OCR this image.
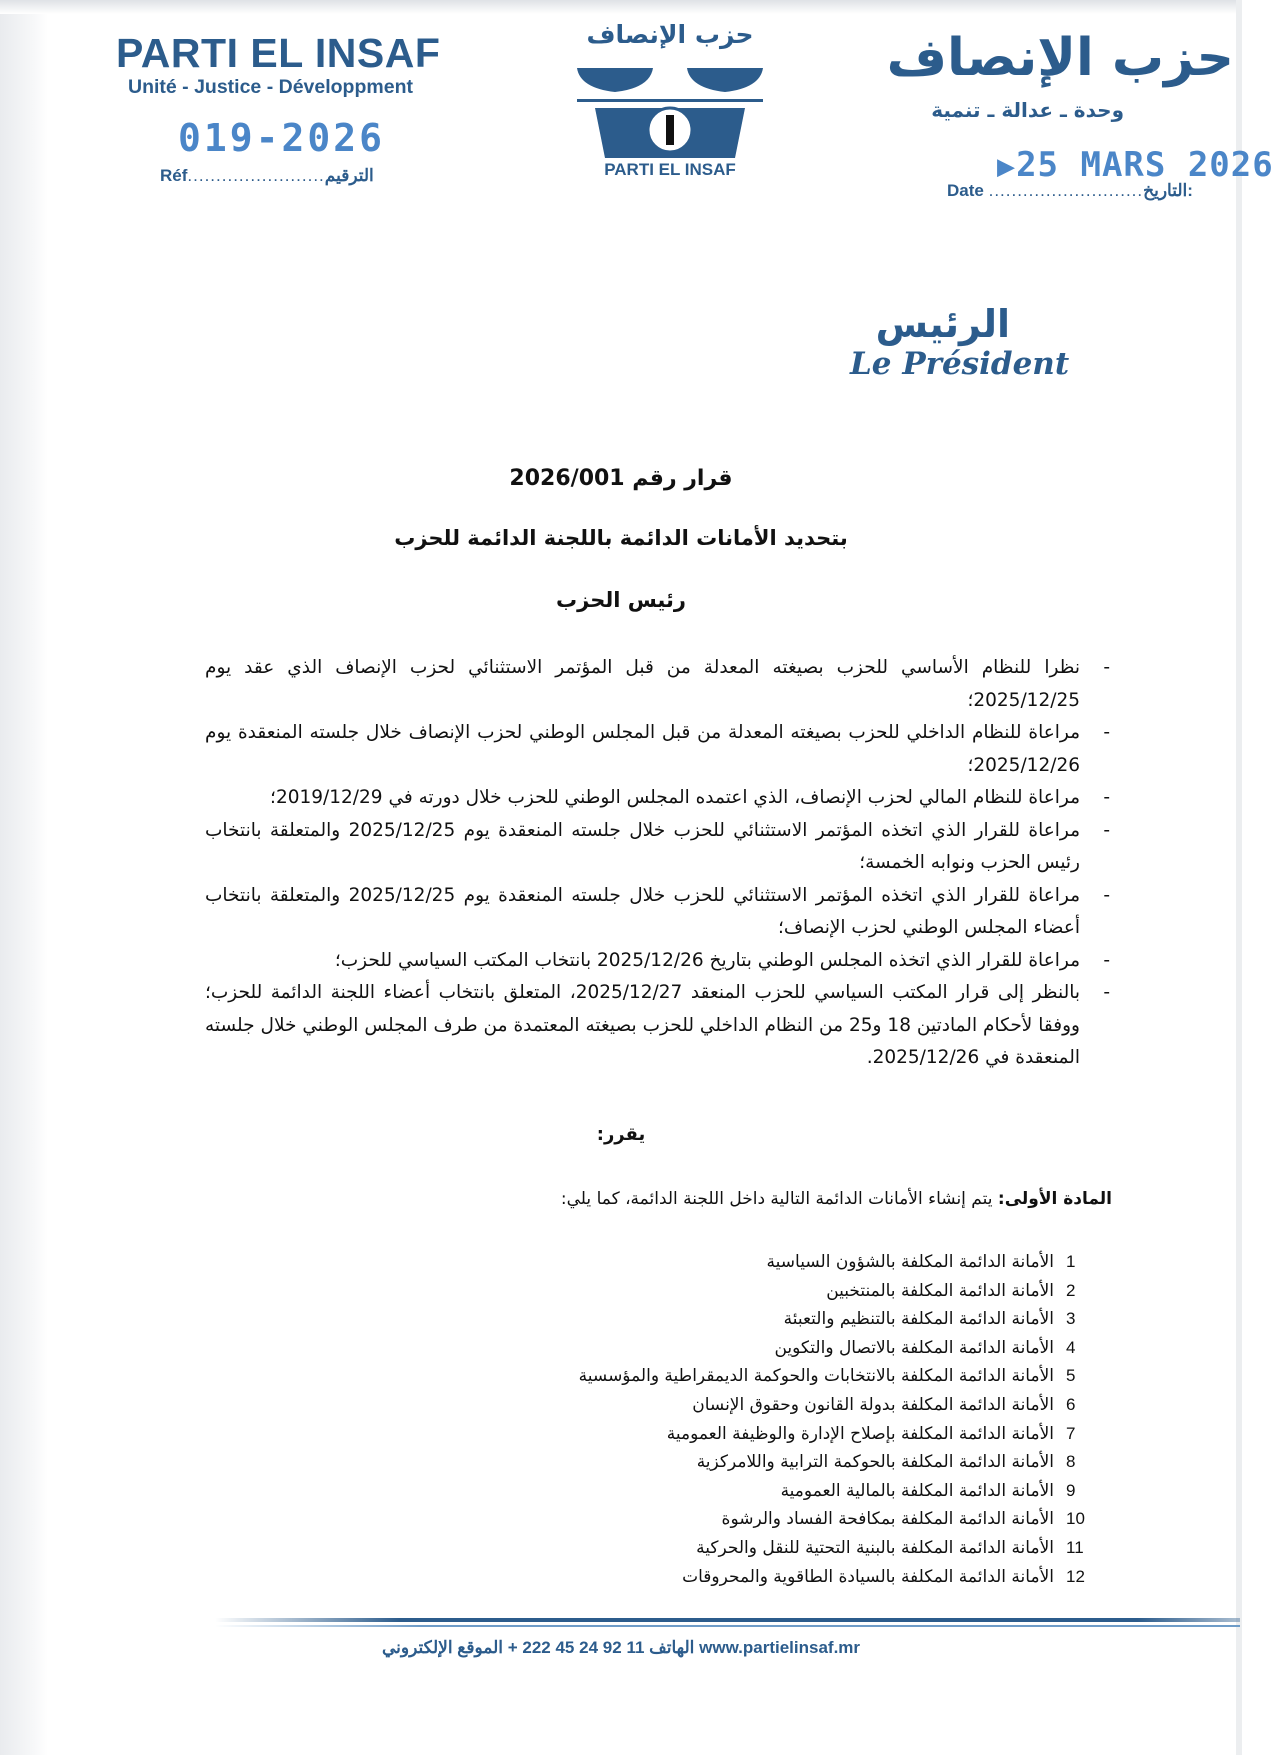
PARTI EL INSAF
Unité - Justice - Développment
019-2026
Réf........................الترقيم
حزب الإنصاف
PARTI EL INSAF
حزب الإنصاف
وحدة ـ عدالة ـ تنمية
▶25 MARS 2026
Date ...........................التاريخ:
الرئيس
Le Président
قرار رقم 2026/001
بتحديد الأمانات الدائمة باللجنة الدائمة للحزب
رئيس الحزب
- نظرا للنظام الأساسي للحزب بصيغته المعدلة من قبل المؤتمر الاستثنائي لحزب الإنصاف الذي عقد يوم 2025/12/25؛
- مراعاة للنظام الداخلي للحزب بصيغته المعدلة من قبل المجلس الوطني لحزب الإنصاف خلال جلسته المنعقدة يوم 2025/12/26؛
- مراعاة للنظام المالي لحزب الإنصاف، الذي اعتمده المجلس الوطني للحزب خلال دورته في 2019/12/29؛
- مراعاة للقرار الذي اتخذه المؤتمر الاستثنائي للحزب خلال جلسته المنعقدة يوم 2025/12/25 والمتعلقة بانتخاب رئيس الحزب ونوابه الخمسة؛
- مراعاة للقرار الذي اتخذه المؤتمر الاستثنائي للحزب خلال جلسته المنعقدة يوم 2025/12/25 والمتعلقة بانتخاب أعضاء المجلس الوطني لحزب الإنصاف؛
- مراعاة للقرار الذي اتخذه المجلس الوطني بتاريخ 2025/12/26 بانتخاب المكتب السياسي للحزب؛
- بالنظر إلى قرار المكتب السياسي للحزب المنعقد 2025/12/27، المتعلق بانتخاب أعضاء اللجنة الدائمة للحزب؛ ووفقا لأحكام المادتين 18 و25 من النظام الداخلي للحزب بصيغته المعتمدة من طرف المجلس الوطني خلال جلسته المنعقدة في 2025/12/26.
يقرر:
المادة الأولى: يتم إنشاء الأمانات الدائمة التالية داخل اللجنة الدائمة، كما يلي:
1
الأمانة الدائمة المكلفة بالشؤون السياسية
2
الأمانة الدائمة المكلفة بالمنتخبين
3
الأمانة الدائمة المكلفة بالتنظيم والتعبئة
4
الأمانة الدائمة المكلفة بالاتصال والتكوين
5
الأمانة الدائمة المكلفة بالانتخابات والحوكمة الديمقراطية والمؤسسية
6
الأمانة الدائمة المكلفة بدولة القانون وحقوق الإنسان
7
الأمانة الدائمة المكلفة بإصلاح الإدارة والوظيفة العمومية
8
الأمانة الدائمة المكلفة بالحوكمة الترابية واللامركزية
9
الأمانة الدائمة المكلفة بالمالية العمومية
10
الأمانة الدائمة المكلفة بمكافحة الفساد والرشوة
11
الأمانة الدائمة المكلفة بالبنية التحتية للنقل والحركية
12
الأمانة الدائمة المكلفة بالسيادة الطاقوية والمحروقات
الهاتف 11 92 24 45 222 + الموقع الإلكتروني www.partielinsaf.mr
